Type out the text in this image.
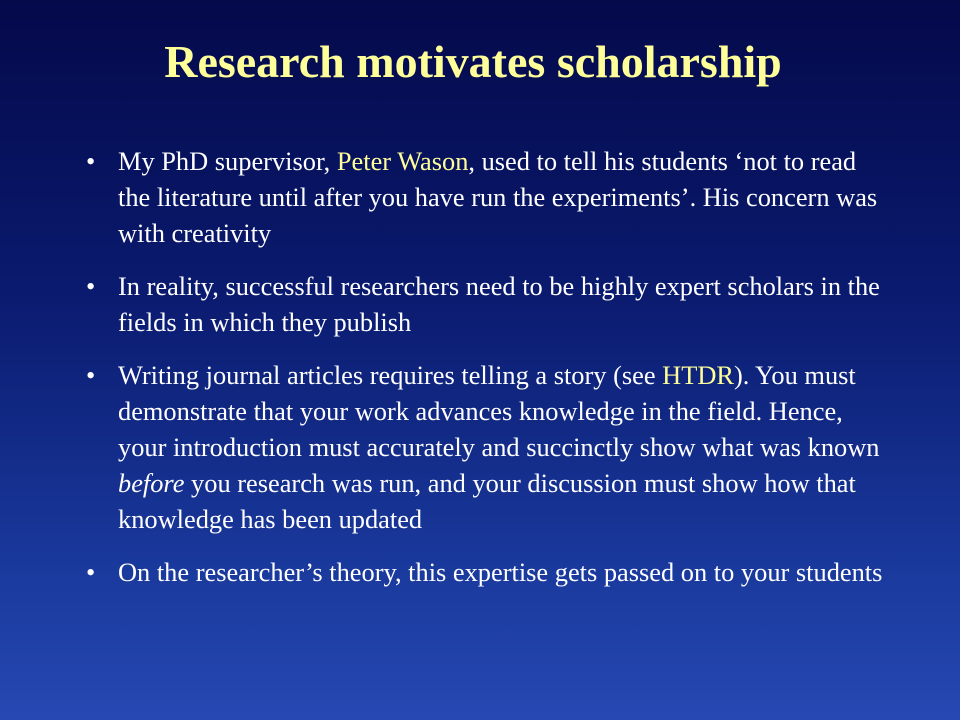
Research motivates scholarship
• My PhD supervisor, Peter Wason, used to tell his students ‘not to read the literature until after you have run the experiments’. His concern was with creativity
• In reality, successful researchers need to be highly expert scholars in the fields in which they publish
• Writing journal articles requires telling a story (see HTDR). You must demonstrate that your work advances knowledge in the field. Hence, your introduction must accurately and succinctly show what was known before you research was run, and your discussion must show how that knowledge has been updated
• On the researcher’s theory, this expertise gets passed on to your students
